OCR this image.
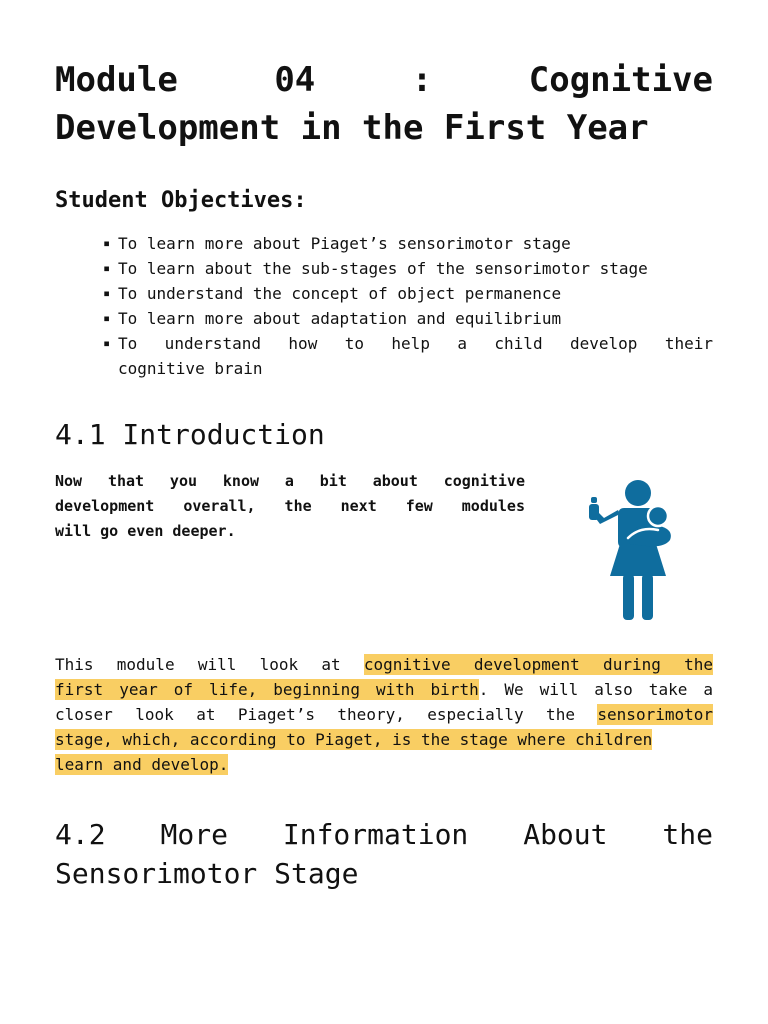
Module 04 : Cognitive
Development in the First Year
Student Objectives:
▪ To learn more about Piaget’s sensorimotor stage
▪ To learn about the sub-stages of the sensorimotor stage
▪ To understand the concept of object permanence
▪ To learn more about adaptation and equilibrium
▪ To understand how to help a child develop their
cognitive brain
4.1 Introduction

Now that you know a bit about cognitive
development overall, the next few modules
will go even deeper.

This module will look at cognitive development during the
first year of life, beginning with birth. We will also take a
closer look at Piaget’s theory, especially the sensorimotor
stage, which, according to Piaget, is the stage where children
learn and develop.

4.2 More Information About the
Sensorimotor Stage
